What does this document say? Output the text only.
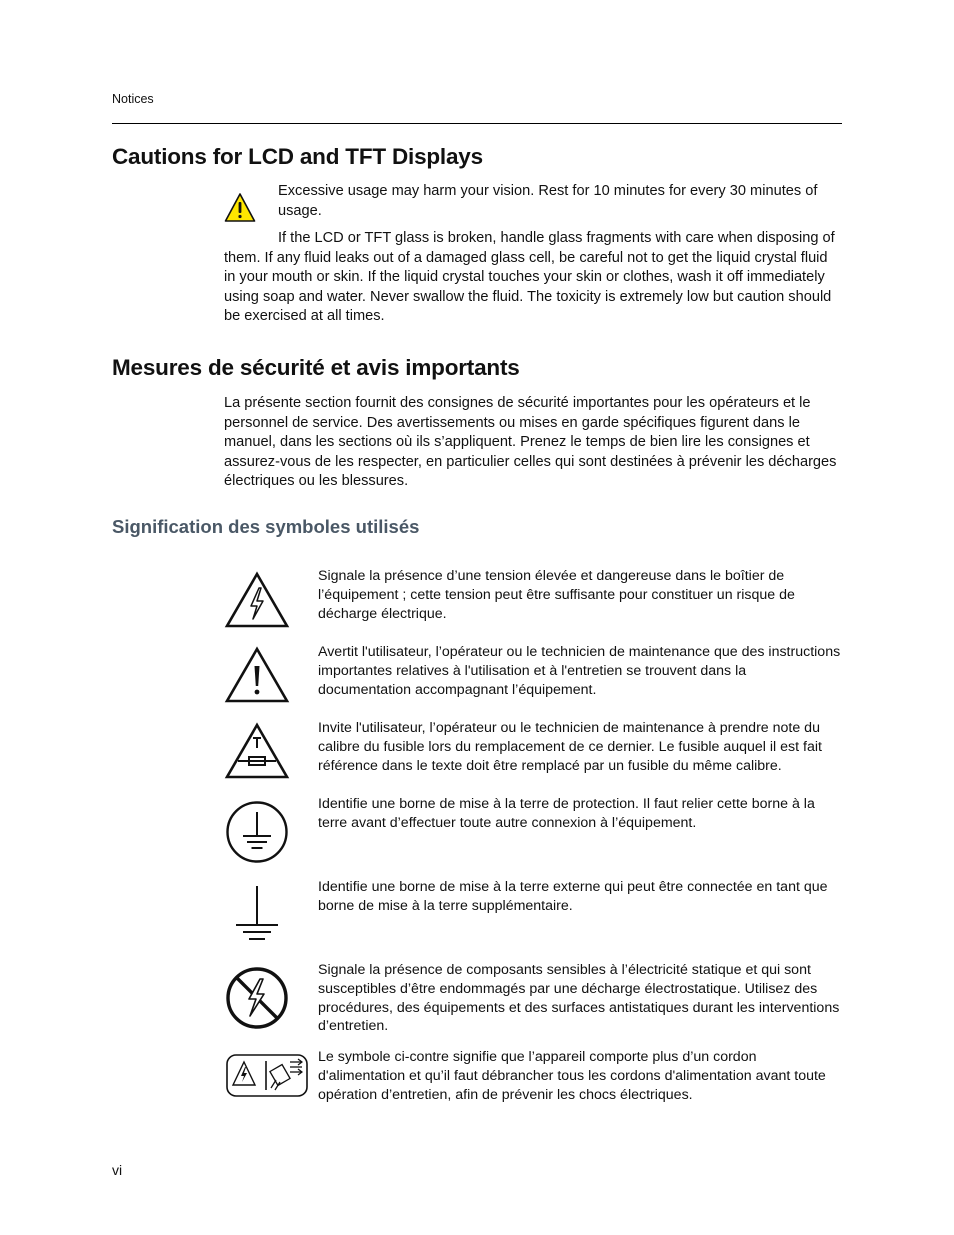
Notices
Cautions for LCD and TFT Displays
Excessive usage may harm your vision. Rest for 10 minutes for every 30 minutes of usage.
If the LCD or TFT glass is broken, handle glass fragments with care when disposing of them. If any fluid leaks out of a damaged glass cell, be careful not to get the liquid crystal fluid in your mouth or skin. If the liquid crystal touches your skin or clothes, wash it off immediately using soap and water. Never swallow the fluid. The toxicity is extremely low but caution should be exercised at all times.
Mesures de sécurité et avis importants
La présente section fournit des consignes de sécurité importantes pour les opérateurs et le personnel de service. Des avertissements ou mises en garde spécifiques figurent dans le manuel, dans les sections où ils s’appliquent. Prenez le temps de bien lire les consignes et assurez-vous de les respecter, en particulier celles qui sont destinées à prévenir les décharges électriques ou les blessures.
Signification des symboles utilisés
Signale la présence d’une tension élevée et dangereuse dans le boîtier de l’équipement ; cette tension peut être suffisante pour constituer un risque de décharge électrique.
Avertit l'utilisateur, l’opérateur ou le technicien de maintenance que des instructions importantes relatives à l'utilisation et à l'entretien se trouvent dans la documentation accompagnant l’équipement.
Invite l'utilisateur, l’opérateur ou le technicien de maintenance à prendre note du calibre du fusible lors du remplacement de ce dernier. Le fusible auquel il est fait référence dans le texte doit être remplacé par un fusible du même calibre.
Identifie une borne de mise à la terre de protection. Il faut relier cette borne à la terre avant d’effectuer toute autre connexion à l’équipement.
Identifie une borne de mise à la terre externe qui peut être connectée en tant que borne de mise à la terre supplémentaire.
Signale la présence de composants sensibles à l’électricité statique et qui sont susceptibles d’être endommagés par une décharge électrostatique. Utilisez des procédures, des équipements et des surfaces antistatiques durant les interventions d’entretien.
Le symbole ci-contre signifie que l’appareil comporte plus d’un cordon d'alimentation et qu’il faut débrancher tous les cordons d'alimentation avant toute opération d’entretien, afin de prévenir les chocs électriques.
vi
